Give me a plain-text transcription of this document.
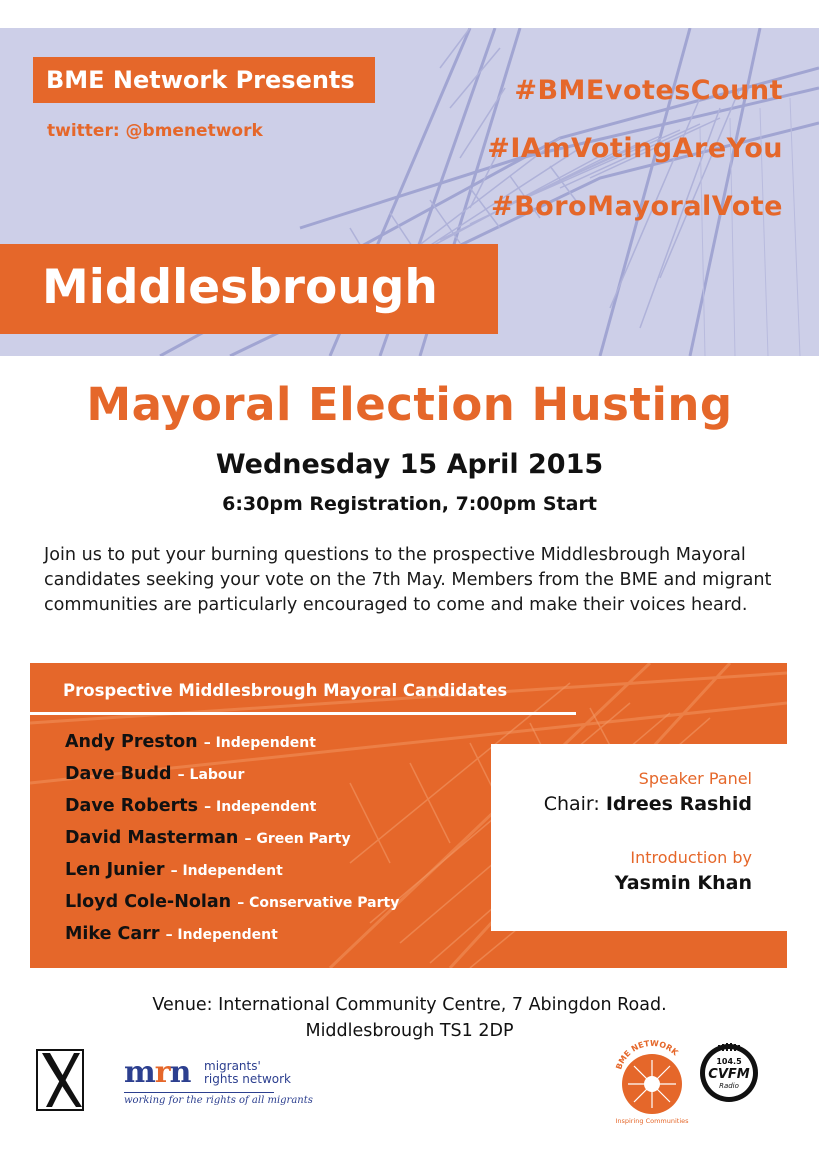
BME Network Presents
twitter: @bmenetwork
#BMEvotesCount
#IAmVotingAreYou
#BoroMayoralVote
Middlesbrough
Mayoral Election Husting
Wednesday 15 April 2015
6:30pm Registration, 7:00pm Start
Join us to put your burning questions to the prospective Middlesbrough Mayoral candidates seeking your vote on the 7th May. Members from the BME and migrant communities are particularly encouraged to come and make their voices heard.
Prospective Middlesbrough Mayoral Candidates
Andy Preston – Independent
Dave Budd – Labour
Dave Roberts – Independent
David Masterman – Green Party
Len Junier – Independent
Lloyd Cole-Nolan – Conservative Party
Mike Carr – Independent
Speaker Panel
Chair: Idrees Rashid
Introduction by
Yasmin Khan
Venue: International Community Centre, 7 Abingdon Road.
Middlesbrough TS1 2DP
mrn	migrants'
rights network
working for the rights of all migrants
BME NETWORK
Inspiring Communities
104.5
CVFM
Radio
